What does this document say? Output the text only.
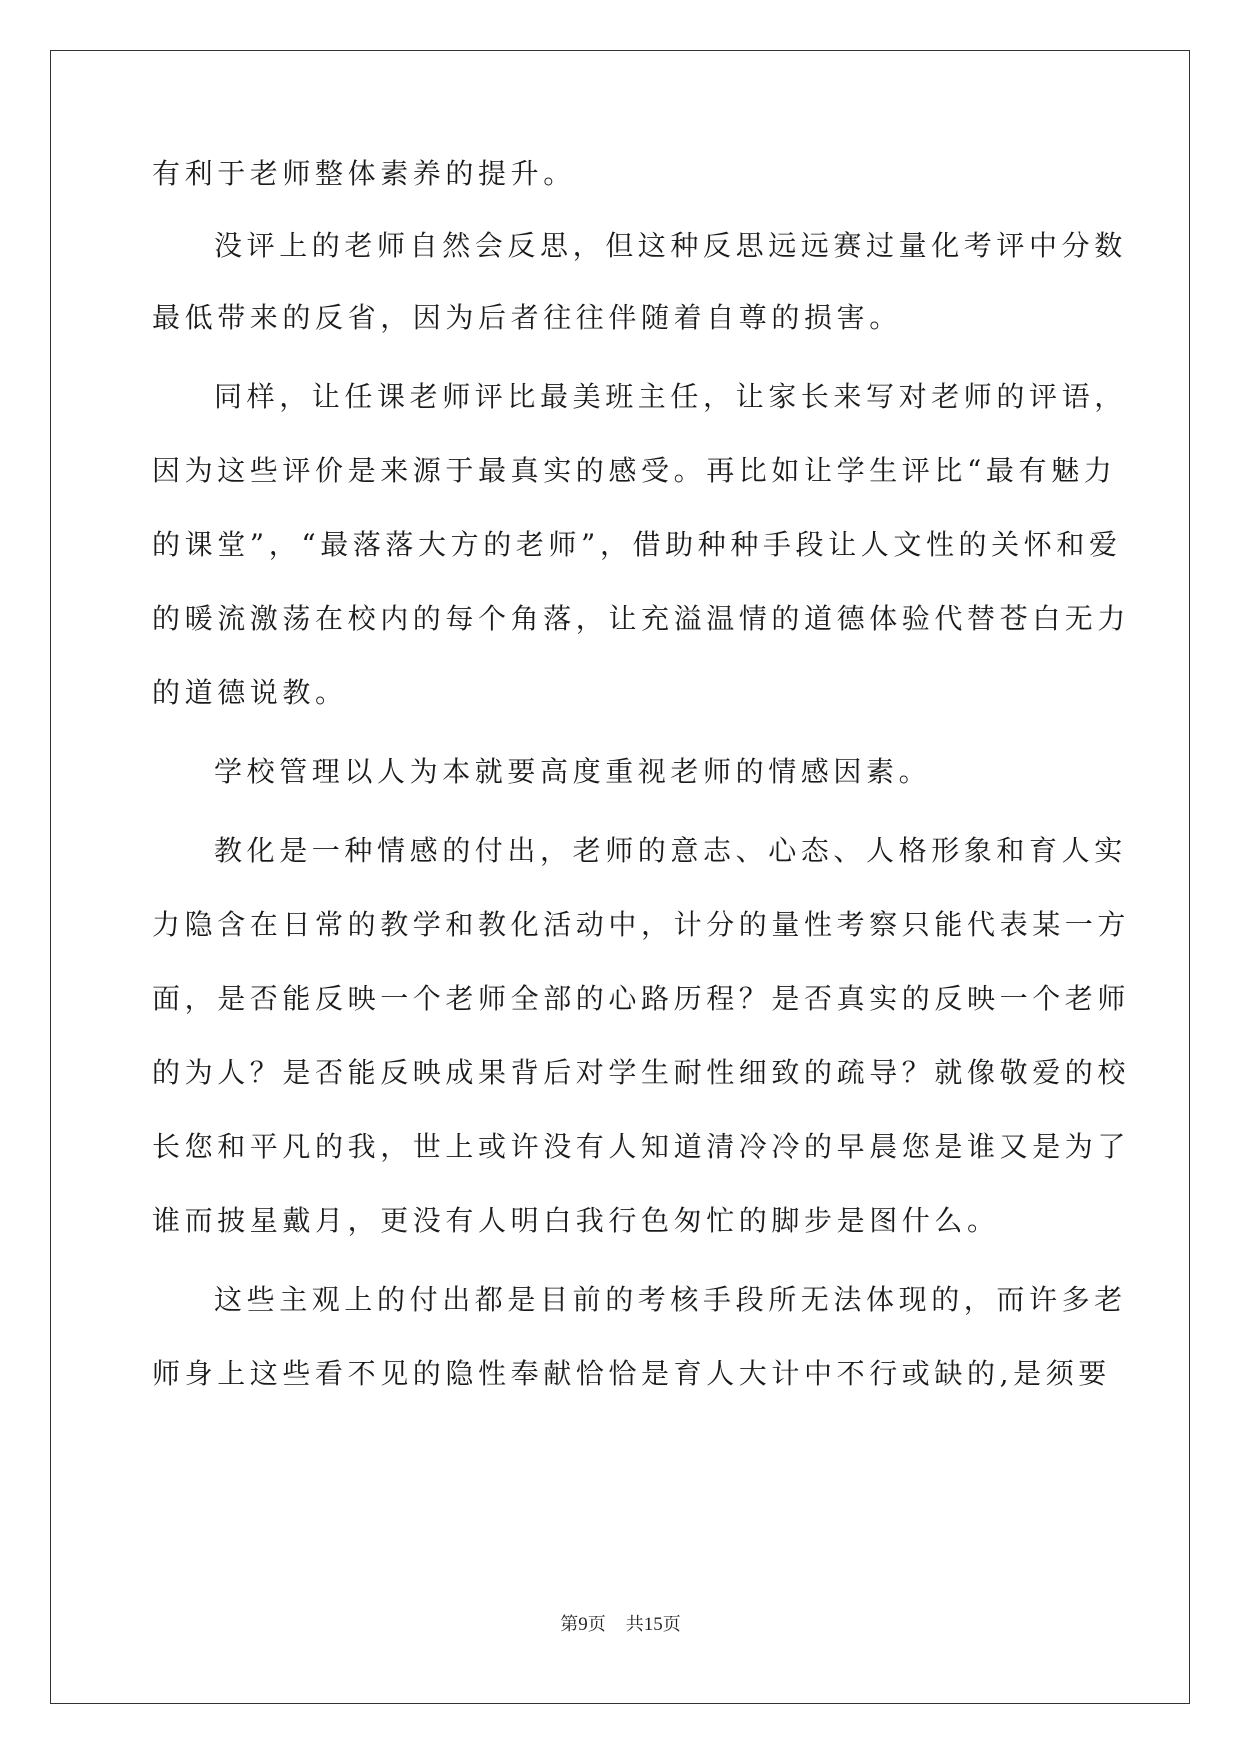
有利于老师整体素养的提升。
没评上的老师自然会反思，但这种反思远远赛过量化考评中分数
最低带来的反省，因为后者往往伴随着自尊的损害。
同样，让任课老师评比最美班主任，让家长来写对老师的评语，
因为这些评价是来源于最真实的感受。再比如让学生评比“最有魅力
的课堂”，“最落落大方的老师”，借助种种手段让人文性的关怀和爱
的暖流激荡在校内的每个角落，让充溢温情的道德体验代替苍白无力
的道德说教。
学校管理以人为本就要高度重视老师的情感因素。
教化是一种情感的付出，老师的意志、心态、人格形象和育人实
力隐含在日常的教学和教化活动中，计分的量性考察只能代表某一方
面，是否能反映一个老师全部的心路历程？是否真实的反映一个老师
的为人？是否能反映成果背后对学生耐性细致的疏导？就像敬爱的校
长您和平凡的我，世上或许没有人知道清冷冷的早晨您是谁又是为了
谁而披星戴月，更没有人明白我行色匆忙的脚步是图什么。
这些主观上的付出都是目前的考核手段所无法体现的，而许多老
师身上这些看不见的隐性奉献恰恰是育人大计中不行或缺的,是须要
第9页 共15页
